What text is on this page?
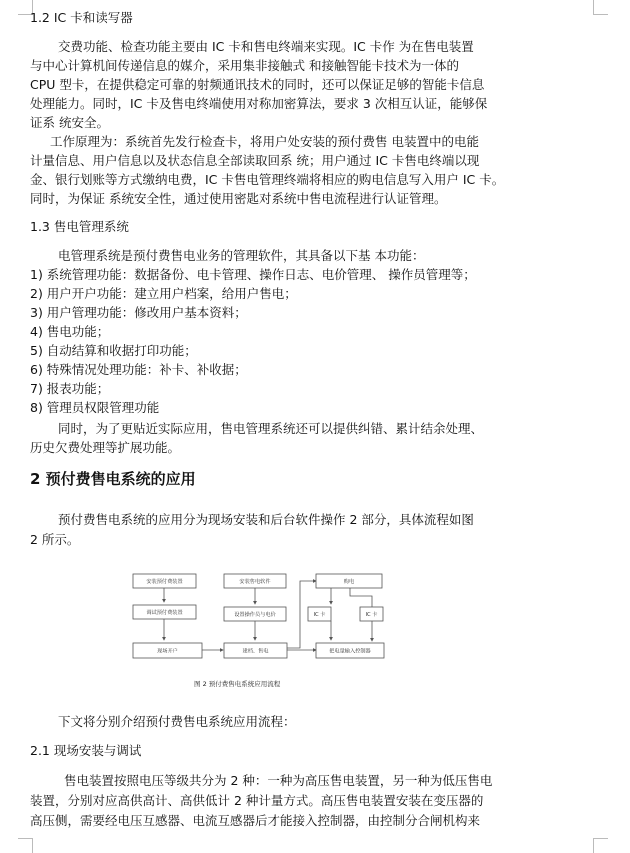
1.2 IC 卡和读写器
交费功能、检查功能主要由 IC 卡和售电终端来实现。IC 卡作 为在售电装置
与中心计算机间传递信息的媒介，采用集非接触式 和接触智能卡技术为一体的
CPU 型卡，在提供稳定可靠的射频通讯技术的同时，还可以保证足够的智能卡信息
处理能力。同时，IC 卡及售电终端使用对称加密算法，要求 3 次相互认证，能够保
证系 统安全。
工作原理为：系统首先发行检查卡，将用户处安装的预付费售 电装置中的电能
计量信息、用户信息以及状态信息全部读取回系 统；用户通过 IC 卡售电终端以现
金、银行划账等方式缴纳电费，IC 卡售电管理终端将相应的购电信息写入用户 IC 卡。
同时，为保证 系统安全性，通过使用密匙对系统中售电流程进行认证管理。
1.3 售电管理系统
电管理系统是预付费售电业务的管理软件，其具备以下基 本功能：
1) 系统管理功能：数据备份、电卡管理、操作日志、电价管理、 操作员管理等；
2) 用户开户功能：建立用户档案，给用户售电；
3) 用户管理功能：修改用户基本资料；
4) 售电功能；
5) 自动结算和收据打印功能；
6) 特殊情况处理功能：补卡、补收据；
7) 报表功能；
8) 管理员权限管理功能
同时，为了更贴近实际应用，售电管理系统还可以提供纠错、累计结余处理、
历史欠费处理等扩展功能。
2 预付费售电系统的应用
预付费售电系统的应用分为现场安装和后台软件操作 2 部分，具体流程如图
2 所示。
安装预付费装置	安装售电软件	购电
调试预付费装置	设置操作员与电价	IC 卡	IC 卡
现场开户	建档、售电	把电量输入控制器
图 2 预付费售电系统应用流程
下文将分别介绍预付费售电系统应用流程：
2.1 现场安装与调试
售电装置按照电压等级共分为 2 种：一种为高压售电装置，另一种为低压售电
装置，分别对应高供高计、高供低计 2 种计量方式。高压售电装置安装在变压器的
高压侧，需要经电压互感器、电流互感器后才能接入控制器，由控制分合闸机构来
